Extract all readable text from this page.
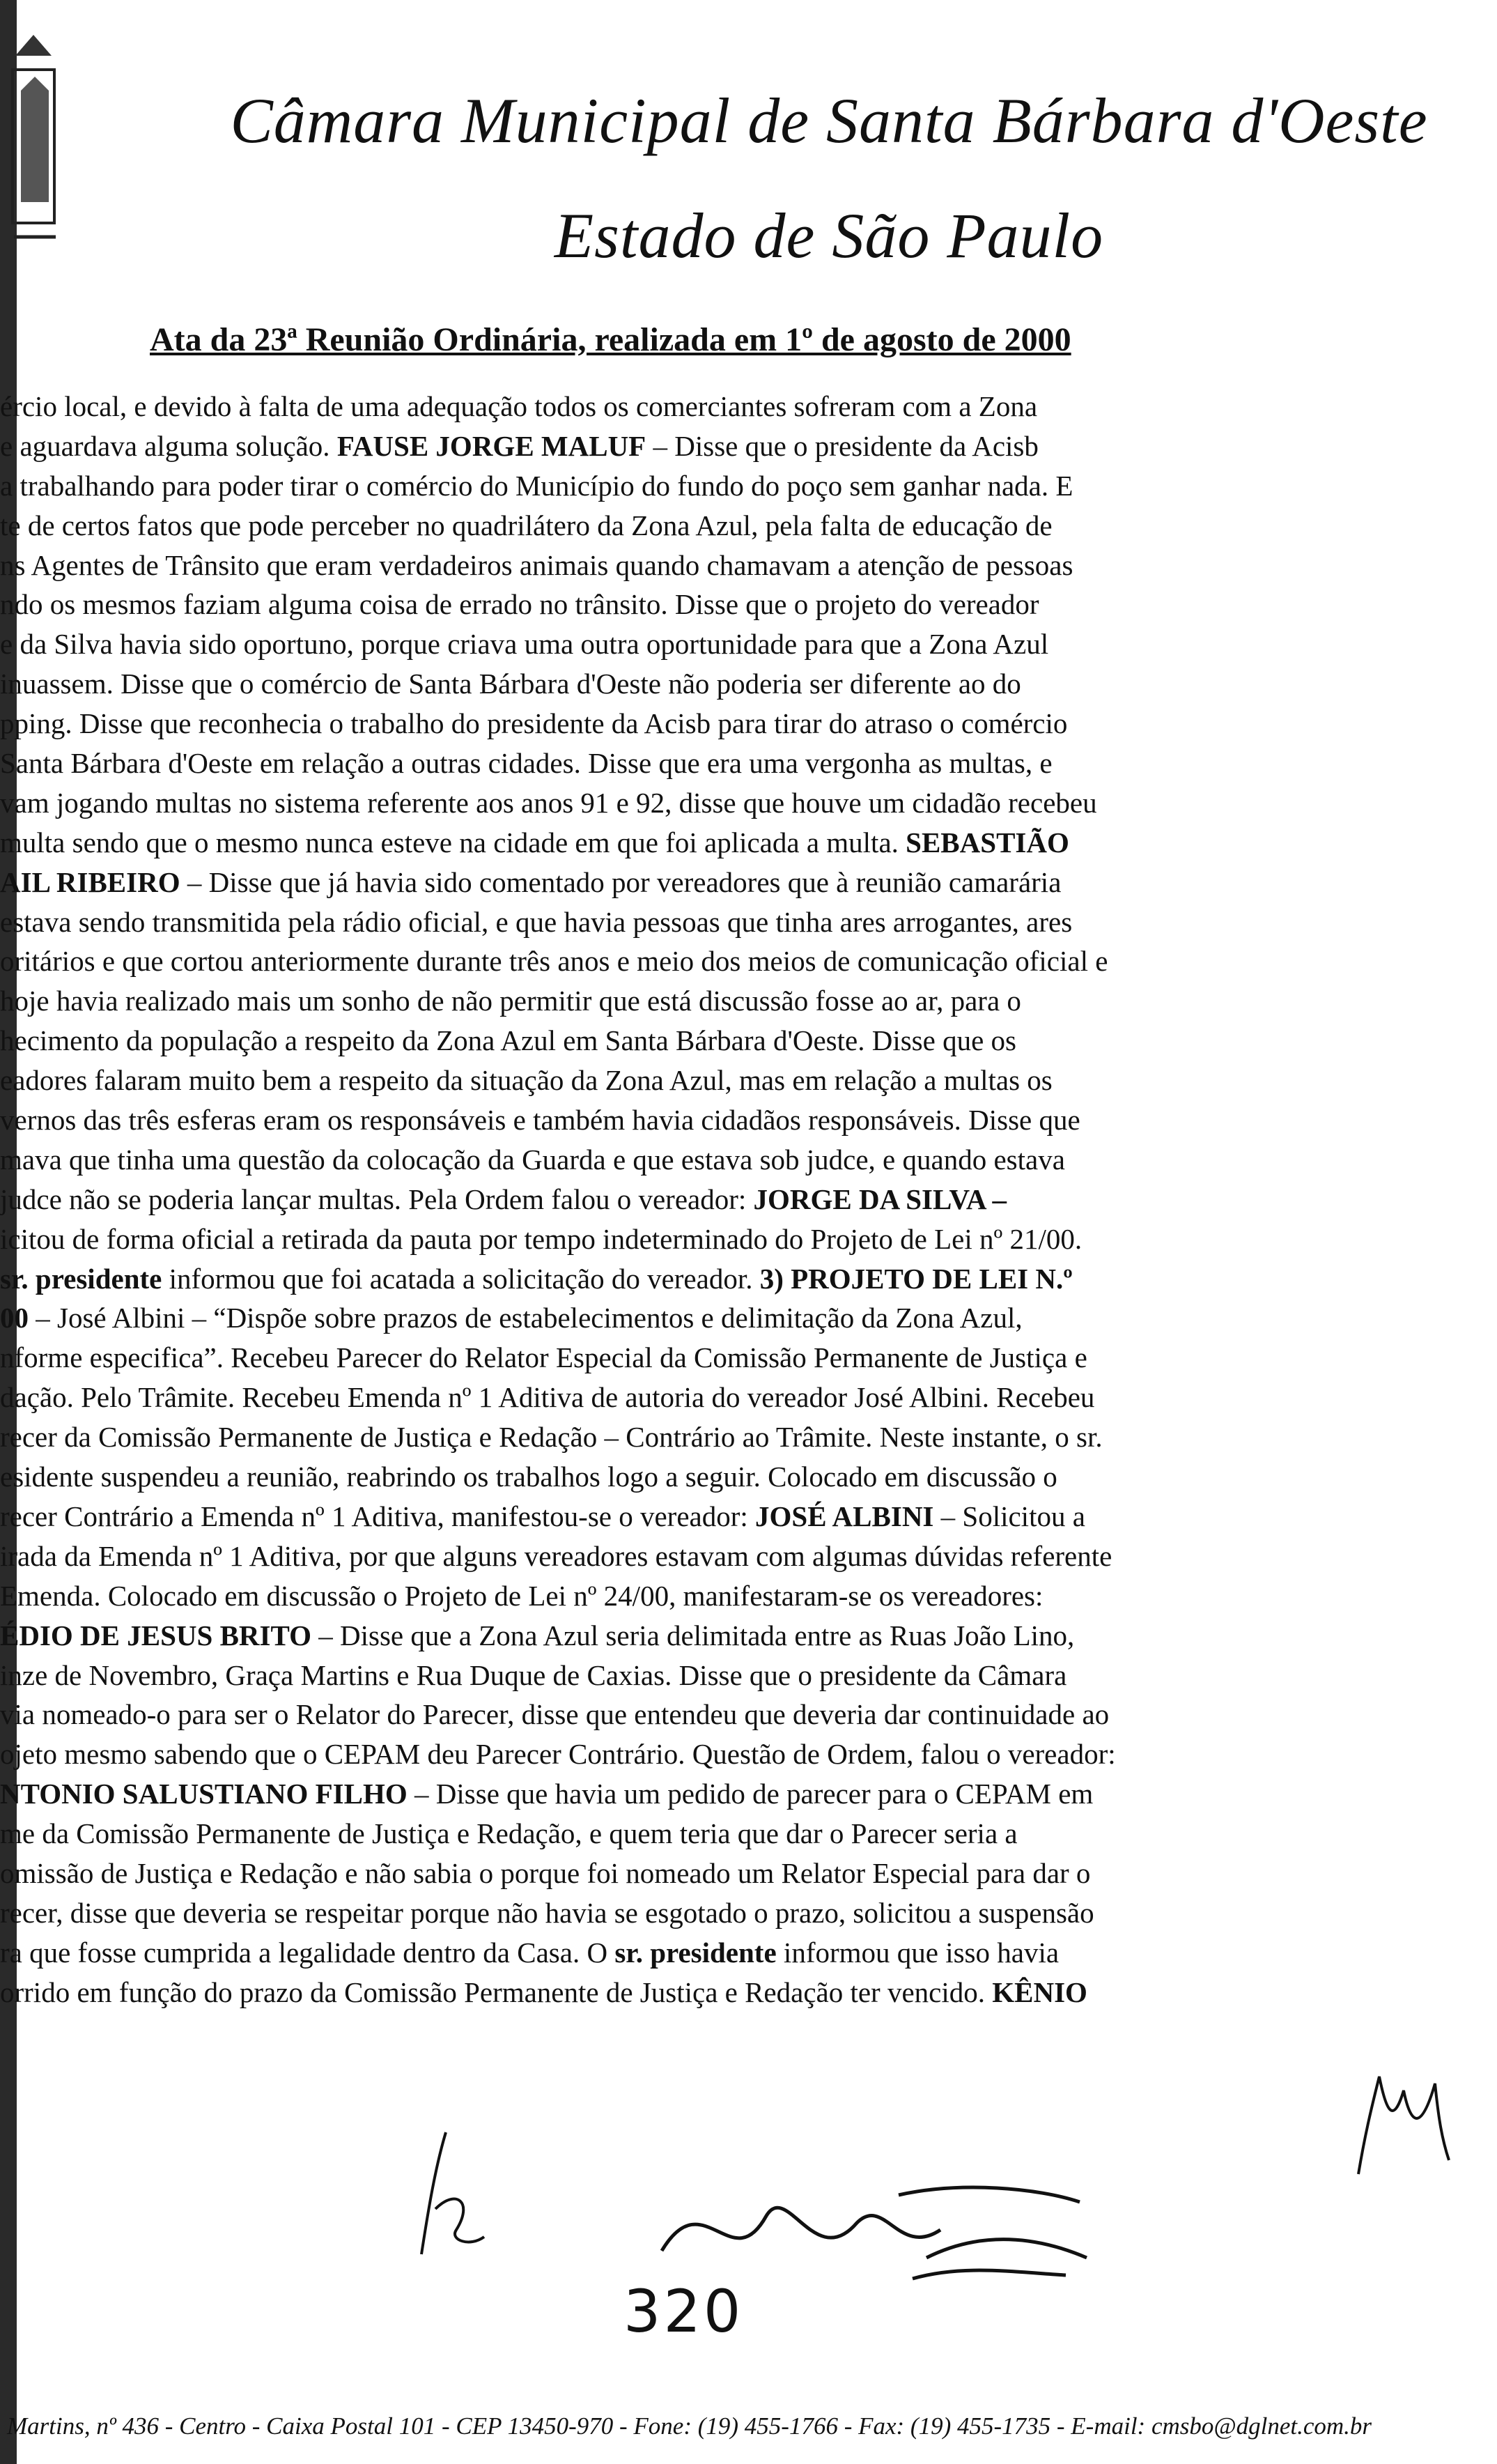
Câmara Municipal de Santa Bárbara d'Oeste
Estado de São Paulo
Ata da 23ª Reunião Ordinária, realizada em 1º de agosto de 2000
ércio local, e devido à falta de uma adequação todos os comerciantes sofreram com a Zona
e aguardava alguma solução. FAUSE JORGE MALUF – Disse que o presidente da Acisb
a trabalhando para poder tirar o comércio do Município do fundo do poço sem ganhar nada. E
te de certos fatos que pode perceber no quadrilátero da Zona Azul, pela falta de educação de
ns Agentes de Trânsito que eram verdadeiros animais quando chamavam a atenção de pessoas
ndo os mesmos faziam alguma coisa de errado no trânsito. Disse que o projeto do vereador
e da Silva havia sido oportuno, porque criava uma outra oportunidade para que a Zona Azul
inuassem. Disse que o comércio de Santa Bárbara d'Oeste não poderia ser diferente ao do
pping. Disse que reconhecia o trabalho do presidente da Acisb para tirar do atraso o comércio
Santa Bárbara d'Oeste em relação a outras cidades. Disse que era uma vergonha as multas, e
vam jogando multas no sistema referente aos anos 91 e 92, disse que houve um cidadão recebeu
multa sendo que o mesmo nunca esteve na cidade em que foi aplicada a multa. SEBASTIÃO
AIL RIBEIRO – Disse que já havia sido comentado por vereadores que à reunião camarária
estava sendo transmitida pela rádio oficial, e que havia pessoas que tinha ares arrogantes, ares
oritários e que cortou anteriormente durante três anos e meio dos meios de comunicação oficial e
hoje havia realizado mais um sonho de não permitir que está discussão fosse ao ar, para o
hecimento da população a respeito da Zona Azul em Santa Bárbara d'Oeste. Disse que os
eadores falaram muito bem a respeito da situação da Zona Azul, mas em relação a multas os
vernos das três esferas eram os responsáveis e também havia cidadãos responsáveis. Disse que
mava que tinha uma questão da colocação da Guarda e que estava sob judce, e quando estava
judce não se poderia lançar multas. Pela Ordem falou o vereador: JORGE DA SILVA –
icitou de forma oficial a retirada da pauta por tempo indeterminado do Projeto de Lei nº 21/00.
sr. presidente informou que foi acatada a solicitação do vereador. 3) PROJETO DE LEI N.º
00 – José Albini – “Dispõe sobre prazos de estabelecimentos e delimitação da Zona Azul,
nforme especifica”. Recebeu Parecer do Relator Especial da Comissão Permanente de Justiça e
dação. Pelo Trâmite. Recebeu Emenda nº 1 Aditiva de autoria do vereador José Albini. Recebeu
recer da Comissão Permanente de Justiça e Redação – Contrário ao Trâmite. Neste instante, o sr.
esidente suspendeu a reunião, reabrindo os trabalhos logo a seguir. Colocado em discussão o
recer Contrário a Emenda nº 1 Aditiva, manifestou-se o vereador: JOSÉ ALBINI – Solicitou a
irada da Emenda nº 1 Aditiva, por que alguns vereadores estavam com algumas dúvidas referente
Emenda. Colocado em discussão o Projeto de Lei nº 24/00, manifestaram-se os vereadores:
ÉDIO DE JESUS BRITO – Disse que a Zona Azul seria delimitada entre as Ruas João Lino,
inze de Novembro, Graça Martins e Rua Duque de Caxias. Disse que o presidente da Câmara
via nomeado-o para ser o Relator do Parecer, disse que entendeu que deveria dar continuidade ao
ojeto mesmo sabendo que o CEPAM deu Parecer Contrário. Questão de Ordem, falou o vereador:
NTONIO SALUSTIANO FILHO – Disse que havia um pedido de parecer para o CEPAM em
me da Comissão Permanente de Justiça e Redação, e quem teria que dar o Parecer seria a
omissão de Justiça e Redação e não sabia o porque foi nomeado um Relator Especial para dar o
recer, disse que deveria se respeitar porque não havia se esgotado o prazo, solicitou a suspensão
ra que fosse cumprida a legalidade dentro da Casa. O sr. presidente informou que isso havia
orrido em função do prazo da Comissão Permanente de Justiça e Redação ter vencido. KÊNIO
320
Martins, nº 436 - Centro - Caixa Postal 101 - CEP 13450-970 - Fone: (19) 455-1766 - Fax: (19) 455-1735 - E-mail: cmsbo@dglnet.com.br
